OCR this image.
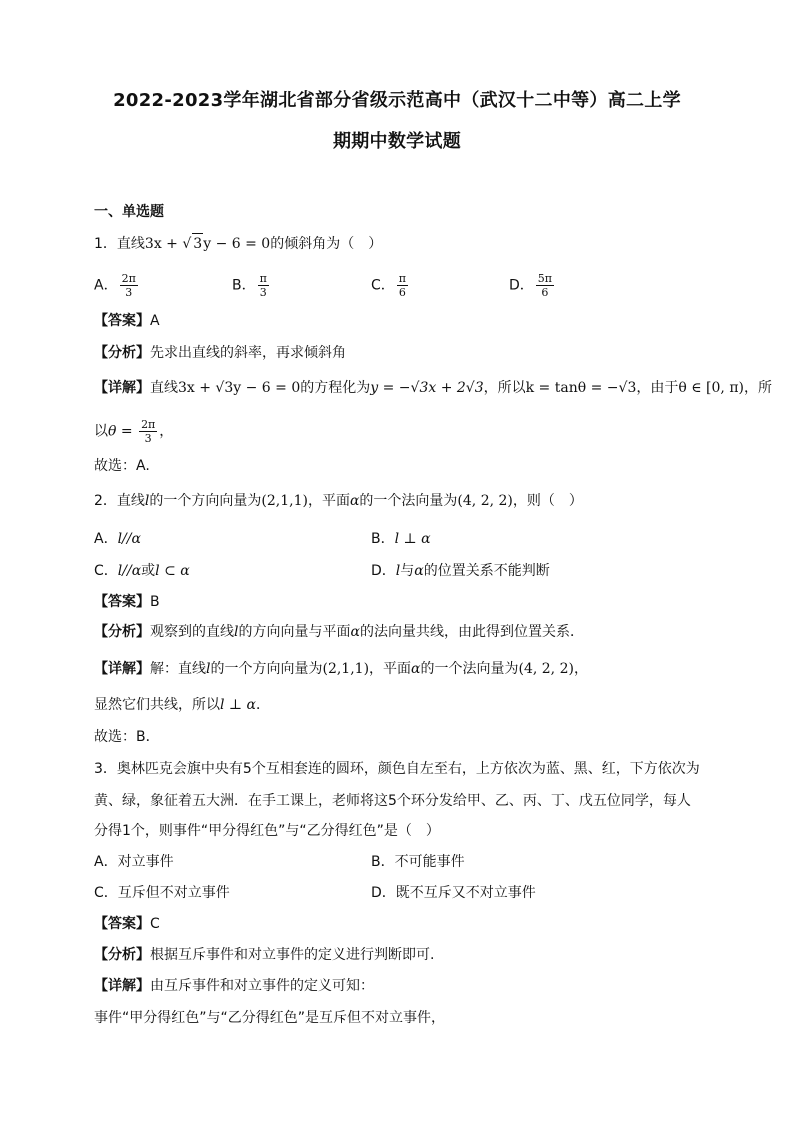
2022-2023学年湖北省部分省级示范高中（武汉十二中等）高二上学
期期中数学试题
一、单选题
1．直线3x + √ 3y − 6 = 0的倾斜角为（　）
A． $\frac{2\pi}{3}$	B． $\frac{\pi}{3}$	C． $\frac{\pi}{6}$	D． $\frac{5\pi}{6}$
【答案】A
【分析】先求出直线的斜率，再求倾斜角
【详解】直线3x + √3y − 6 = 0的方程化为y = −√3x + 2√3，所以k = tanθ = −√3，由于θ ∈ [0, π)，所
以$\theta = \frac{2\pi}{3}$ ，
故选：A.
2．直线l的一个方向向量为(2,1,1)，平面α的一个法向量为(4, 2, 2)，则（　）
A．l//α	B．l ⊥ α
C．l//α或l ⊂ α	D．l与α的位置关系不能判断
【答案】B
【分析】观察到的直线l的方向向量与平面α的法向量共线，由此得到位置关系．
【详解】解：直线l的一个方向向量为(2,1,1)，平面α的一个法向量为(4, 2, 2)，
显然它们共线，所以l ⊥ α．
故选：B．
3．奥林匹克会旗中央有5个互相套连的圆环，颜色自左至右，上方依次为蓝、黑、红，下方依次为
黄、绿，象征着五大洲．在手工课上，老师将这5个环分发给甲、乙、丙、丁、戊五位同学，每人
分得1个，则事件“甲分得红色”与“乙分得红色”是（　）
A．对立事件	B．不可能事件
C．互斥但不对立事件	D．既不互斥又不对立事件
【答案】C
【分析】根据互斥事件和对立事件的定义进行判断即可.
【详解】由互斥事件和对立事件的定义可知：
事件“甲分得红色”与“乙分得红色”是互斥但不对立事件，
